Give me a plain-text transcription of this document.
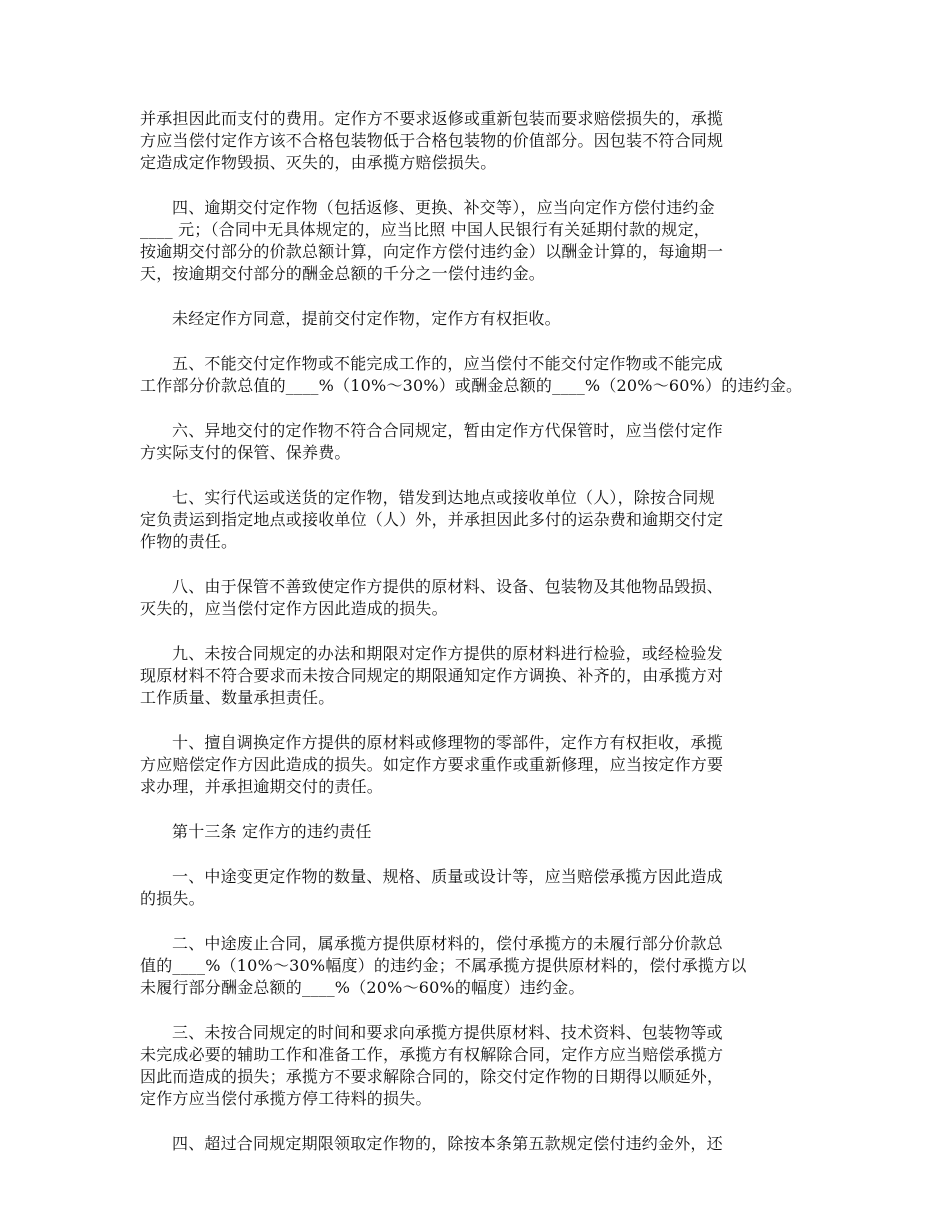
并承担因此而支付的费用。定作方不要求返修或重新包装而要求赔偿损失的，承揽
方应当偿付定作方该不合格包装物低于合格包装物的价值部分。因包装不符合同规
定造成定作物毁损、灭失的，由承揽方赔偿损失。
四、逾期交付定作物（包括返修、更换、补交等），应当向定作方偿付违约金
____ 元；（合同中无具体规定的，应当比照 中国人民银行有关延期付款的规定，
按逾期交付部分的价款总额计算，向定作方偿付违约金）以酬金计算的，每逾期一
天，按逾期交付部分的酬金总额的千分之一偿付违约金。
未经定作方同意，提前交付定作物，定作方有权拒收。
五、不能交付定作物或不能完成工作的，应当偿付不能交付定作物或不能完成
工作部分价款总值的____%（10%～30%）或酬金总额的____%（20%～60%）的违约金。
六、异地交付的定作物不符合合同规定，暂由定作方代保管时，应当偿付定作
方实际支付的保管、保养费。
七、实行代运或送货的定作物，错发到达地点或接收单位（人），除按合同规
定负责运到指定地点或接收单位（人）外，并承担因此多付的运杂费和逾期交付定
作物的责任。
八、由于保管不善致使定作方提供的原材料、设备、包装物及其他物品毁损、
灭失的，应当偿付定作方因此造成的损失。
九、未按合同规定的办法和期限对定作方提供的原材料进行检验，或经检验发
现原材料不符合要求而未按合同规定的期限通知定作方调换、补齐的，由承揽方对
工作质量、数量承担责任。
十、擅自调换定作方提供的原材料或修理物的零部件，定作方有权拒收，承揽
方应赔偿定作方因此造成的损失。如定作方要求重作或重新修理，应当按定作方要
求办理，并承担逾期交付的责任。
第十三条 定作方的违约责任
一、中途变更定作物的数量、规格、质量或设计等，应当赔偿承揽方因此造成
的损失。
二、中途废止合同，属承揽方提供原材料的，偿付承揽方的未履行部分价款总
值的____%（10%～30%幅度）的违约金；不属承揽方提供原材料的，偿付承揽方以
未履行部分酬金总额的____%（20%～60%的幅度）违约金。
三、未按合同规定的时间和要求向承揽方提供原材料、技术资料、包装物等或
未完成必要的辅助工作和准备工作，承揽方有权解除合同，定作方应当赔偿承揽方
因此而造成的损失；承揽方不要求解除合同的，除交付定作物的日期得以顺延外，
定作方应当偿付承揽方停工待料的损失。
四、超过合同规定期限领取定作物的，除按本条第五款规定偿付违约金外，还
